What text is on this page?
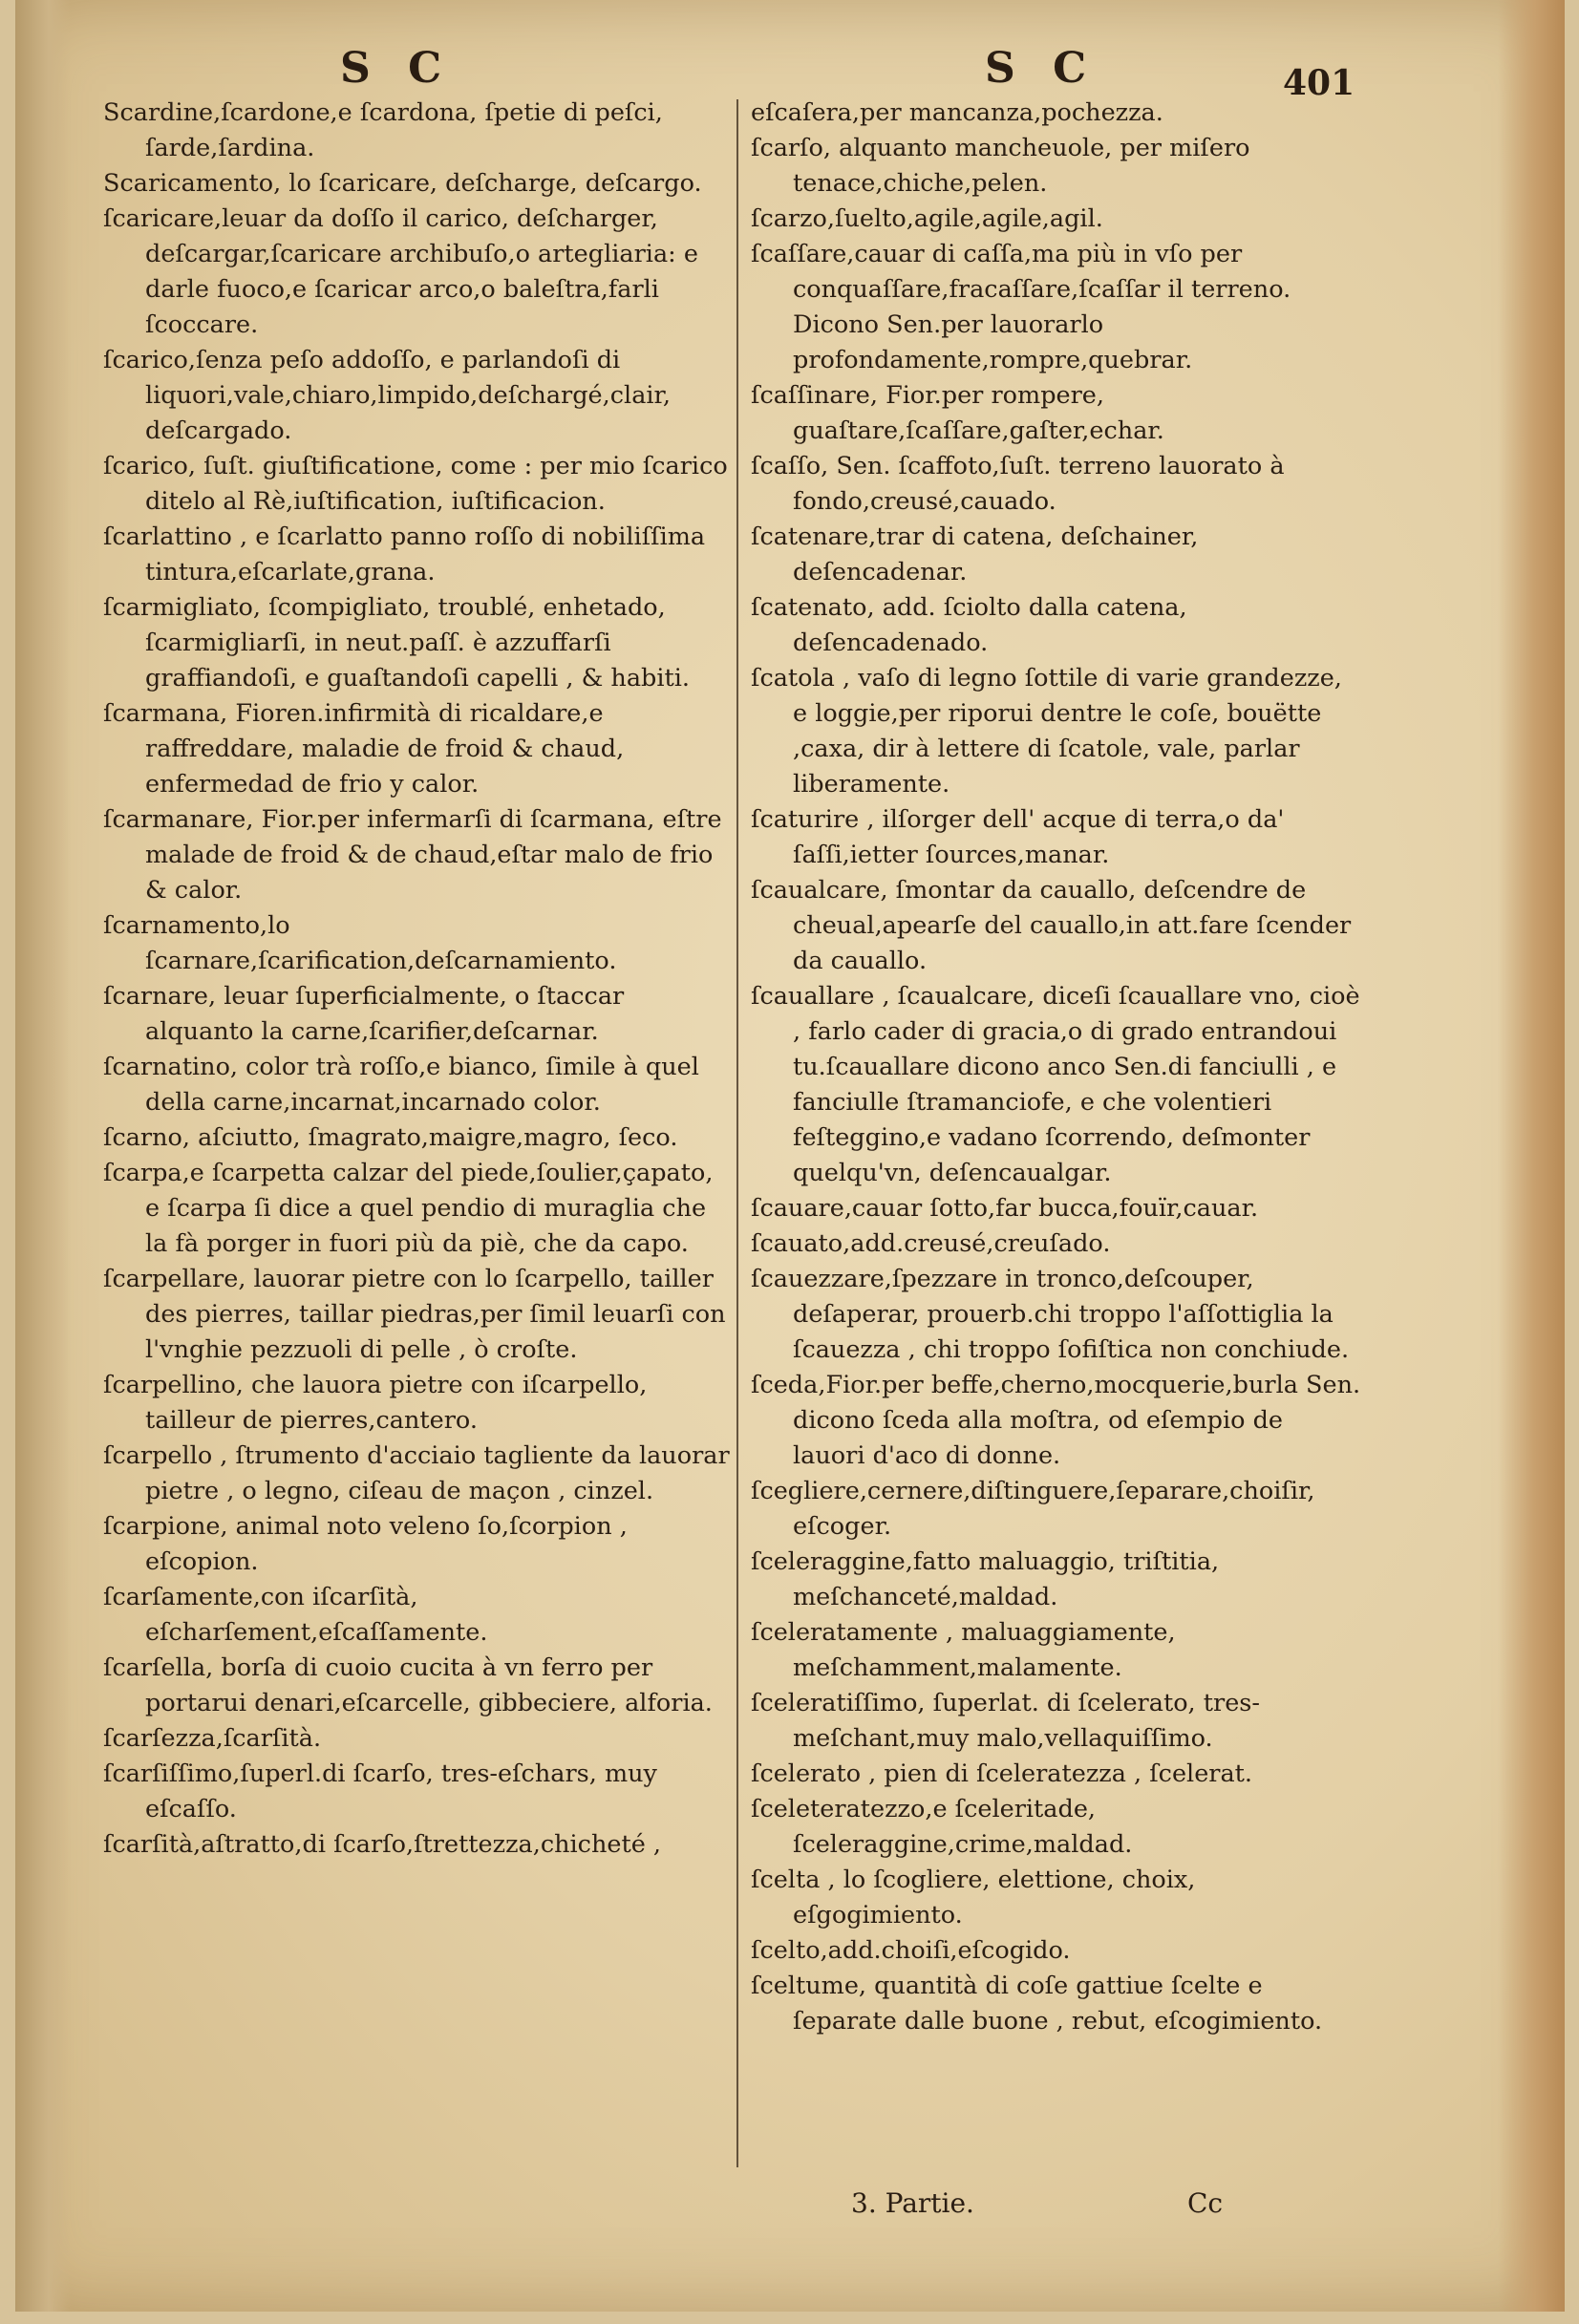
S C	S C	401

Scardine,ſcardone,e ſcardona, ſpetie di peſci, ſarde,ſardina.

Scaricamento, lo ſcaricare, deſcharge, deſcargo.

ſcaricare,leuar da doſſo il carico, deſcharger, deſcargar,ſcaricare archibuſo,o artegliaria: e darle fuoco,e ſcaricar arco,o baleſtra,farli ſcoccare.

ſcarico,ſenza peſo addoſſo, e parlandoſi di liquori,vale,chiaro,limpido,deſchargé,clair, deſcargado.

ſcarico, ſuſt. giuſtificatione, come : per mio ſcarico ditelo al Rè,iuſtification, iuſtificacion.

ſcarlattino , e ſcarlatto panno roſſo di nobiliſſima tintura,eſcarlate,grana.

ſcarmigliato, ſcompigliato, troublé, enhetado, ſcarmigliarſi, in neut.paſſ. è azzuffarſi graffiandoſi, e guaſtandoſi capelli , & habiti.

ſcarmana, Fioren.infirmità di ricaldare,e raffreddare, maladie de froid & chaud, enfermedad de frio y calor.

ſcarmanare, Fior.per infermarſi di ſcarmana, eſtre malade de froid & de chaud,eſtar malo de frio & calor.

ſcarnamento,lo ſcarnare,ſcarification,deſcarnamiento.

ſcarnare, leuar ſuperficialmente, o ſtaccar alquanto la carne,ſcarifier,deſcarnar.

ſcarnatino, color trà roſſo,e bianco, ſimile à quel della carne,incarnat,incarnado color.

ſcarno, aſciutto, ſmagrato,maigre,magro, ſeco.

ſcarpa,e ſcarpetta calzar del piede,ſoulier,çapato, e ſcarpa ſi dice a quel pendio di muraglia che la fà porger in fuori più da piè, che da capo.

ſcarpellare, lauorar pietre con lo ſcarpello, tailler des pierres, taillar piedras,per ſimil leuarſi con l'vnghie pezzuoli di pelle , ò croſte.

ſcarpellino, che lauora pietre con iſcarpello, tailleur de pierres,cantero.

ſcarpello , ſtrumento d'acciaio tagliente da lauorar pietre , o legno, ciſeau de maçon , cinzel.

ſcarpione, animal noto veleno ſo,ſcorpion , eſcopion.

ſcarſamente,con iſcarſità, eſcharſement,eſcaſſamente.

ſcarſella, borſa di cuoio cucita à vn ferro per portarui denari,eſcarcelle, gibbeciere, alforia.

ſcarſezza,ſcarſità.

ſcarſiſſimo,ſuperl.di ſcarſo, tres-eſchars, muy eſcaſſo.

ſcarſità,aſtratto,di ſcarſo,ſtrettezza,chicheté ,

eſcaſera,per mancanza,pochezza.

ſcarſo, alquanto mancheuole, per miſero tenace,chiche,pelen.

ſcarzo,ſuelto,agile,agile,agil.

ſcaſſare,cauar di caſſa,ma più in vſo per conquaſſare,fracaſſare,ſcaſſar il terreno. Dicono Sen.per lauorarlo profondamente,rompre,quebrar.

ſcaſſinare, Fior.per rompere, guaſtare,ſcaſſare,gaſter,echar.

ſcaſſo, Sen. ſcaffoto,ſuſt. terreno lauorato à fondo,creusé,cauado.

ſcatenare,trar di catena, deſchainer, deſencadenar.

ſcatenato, add. ſciolto dalla catena, deſencadenado.

ſcatola , vaſo di legno ſottile di varie grandezze, e loggie,per riporui dentre le coſe, bouëtte ,caxa, dir à lettere di ſcatole, vale, parlar liberamente.

ſcaturire , ilſorger dell' acque di terra,o da' ſaſſi,ietter ſources,manar.

ſcaualcare, ſmontar da cauallo, deſcendre de cheual,apearſe del cauallo,in att.fare ſcender da cauallo.

ſcauallare , ſcaualcare, diceſi ſcauallare vno, cioè , farlo cader di gracia,o di grado entrandoui tu.ſcauallare dicono anco Sen.di fanciulli , e fanciulle ſtramanciofe, e che volentieri feſteggino,e vadano ſcorrendo, deſmonter quelqu'vn, deſencaualgar.

ſcauare,cauar ſotto,far bucca,fouïr,cauar.

ſcauato,add.creusé,creuſado.

ſcauezzare,ſpezzare in tronco,deſcouper, deſaperar, prouerb.chi troppo l'aſſottiglia la ſcauezza , chi troppo ſofiſtica non conchiude.

ſceda,Fior.per beffe,cherno,mocquerie,burla Sen. dicono ſceda alla moſtra, od eſempio de lauori d'aco di donne.

ſcegliere,cernere,diſtinguere,ſeparare,choiſir, eſcoger.

ſceleraggine,fatto maluaggio, triſtitia, meſchanceté,maldad.

ſceleratamente , maluaggiamente, meſchamment,malamente.

ſceleratiſſimo, ſuperlat. di ſcelerato, tres-meſchant,muy malo,vellaquiſſimo.

ſcelerato , pien di ſceleratezza , ſcelerat.

ſceleteratezzo,e ſceleritade, ſceleraggine,crime,maldad.

ſcelta , lo ſcogliere, elettione, choix, eſgogimiento.

ſcelto,add.choiſi,eſcogido.

ſceltume, quantità di coſe gattiue ſcelte e ſeparate dalle buone , rebut, eſcogimiento.

3. Partie.	Cc
